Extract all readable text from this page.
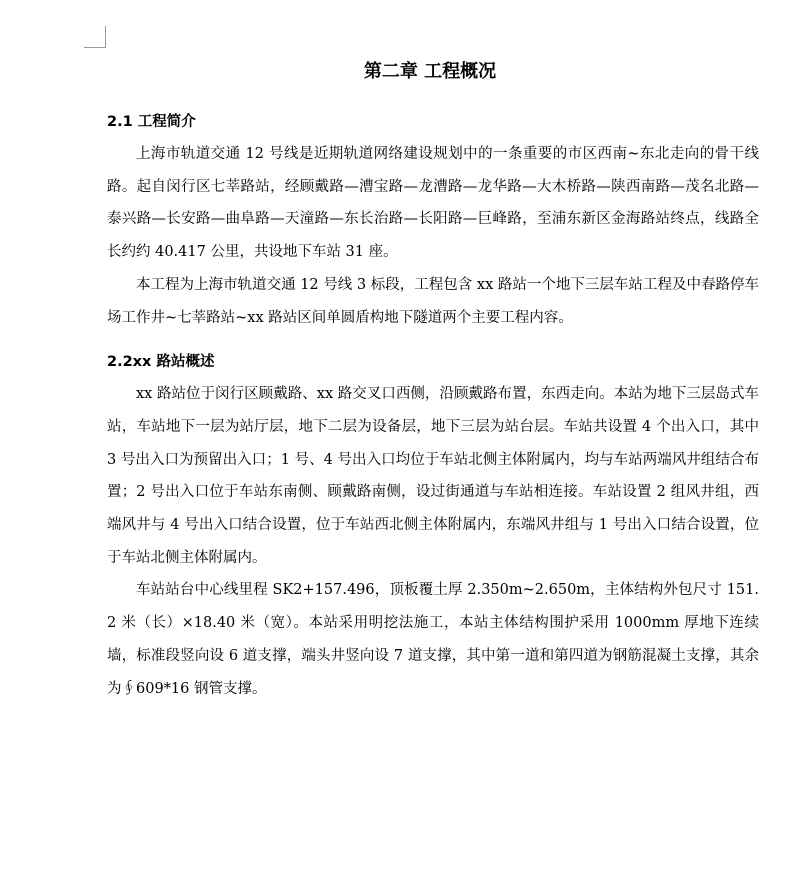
第二章 工程概况
2.1 工程简介

上海市轨道交通 12 号线是近期轨道网络建设规划中的一条重要的市区西南~东北走向的骨干线路。起自闵行区七莘路站，经顾戴路—漕宝路—龙漕路—龙华路—大木桥路—陕西南路—茂名北路—泰兴路—长安路—曲阜路—天潼路—东长治路—长阳路—巨峰路，至浦东新区金海路站终点，线路全长约约 40.417 公里，共设地下车站 31 座。

本工程为上海市轨道交通 12 号线 3 标段，工程包含 xx 路站一个地下三层车站工程及中春路停车场工作井~七莘路站~xx 路站区间单圆盾构地下隧道两个主要工程内容。

2.2xx 路站概述

xx 路站位于闵行区顾戴路、xx 路交叉口西侧，沿顾戴路布置，东西走向。本站为地下三层岛式车站，车站地下一层为站厅层，地下二层为设备层，地下三层为站台层。车站共设置 4 个出入口，其中 3 号出入口为预留出入口；1 号、4 号出入口均位于车站北侧主体附属内，均与车站两端风井组结合布置；2 号出入口位于车站东南侧、顾戴路南侧，设过街通道与车站相连接。车站设置 2 组风井组，西端风井与 4 号出入口结合设置，位于车站西北侧主体附属内，东端风井组与 1 号出入口结合设置，位于车站北侧主体附属内。

车站站台中心线里程 SK2+157.496，顶板覆土厚 2.350m~2.650m，主体结构外包尺寸 151.2 米（长）×18.40 米（宽）。本站采用明挖法施工，本站主体结构围护采用 1000mm 厚地下连续墙，标准段竖向设 6 道支撑，端头井竖向设 7 道支撑，其中第一道和第四道为钢筋混凝土支撑，其余为∮609*16 钢管支撑。
